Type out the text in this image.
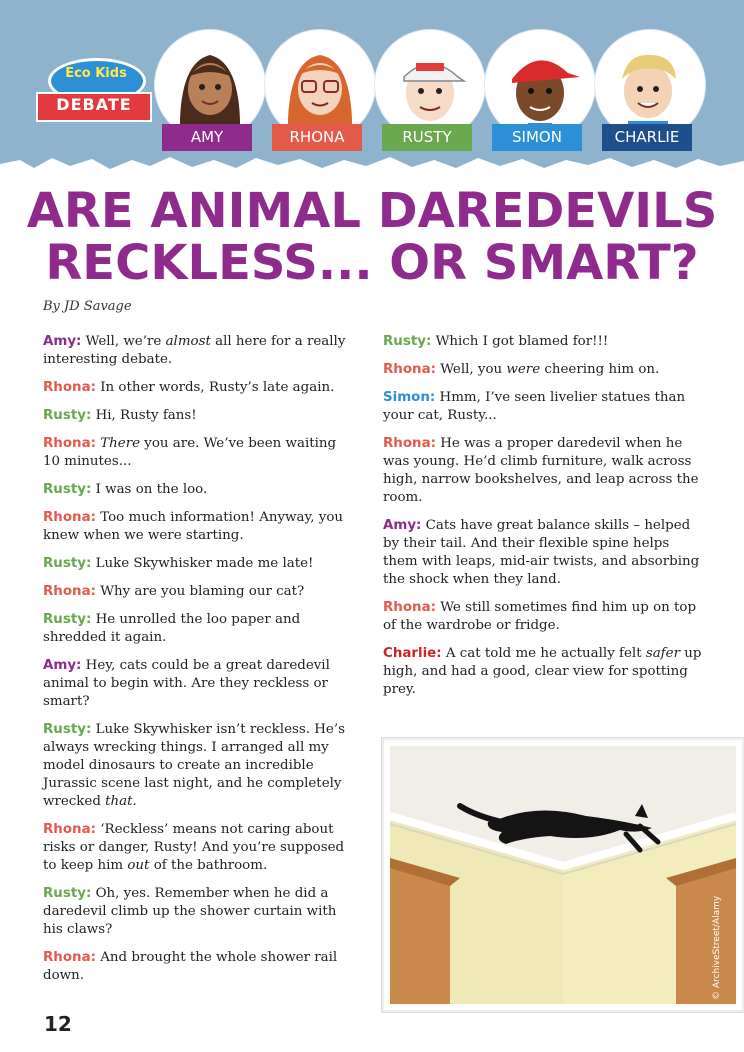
Eco Kids
DEBATE
AMY	RHONA	RUSTY	SIMON	CHARLIE
ARE ANIMAL DAREDEVILS
RECKLESS... OR SMART?
By JD Savage

Amy: Well, we’re almost all here for a really interesting debate.

Rhona: In other words, Rusty’s late again.

Rusty: Hi, Rusty fans!

Rhona: There you are. We’ve been waiting 10 minutes...

Rusty: I was on the loo.

Rhona: Too much information! Anyway, you knew when we were starting.

Rusty: Luke Skywhisker made me late!

Rhona: Why are you blaming our cat?

Rusty: He unrolled the loo paper and shredded it again.

Amy: Hey, cats could be a great daredevil animal to begin with. Are they reckless or smart?

Rusty: Luke Skywhisker isn’t reckless. He’s always wrecking things. I arranged all my model dinosaurs to create an incredible Jurassic scene last night, and he completely wrecked that.

Rhona: ‘Reckless’ means not caring about risks or danger, Rusty! And you’re supposed to keep him out of the bathroom.

Rusty: Oh, yes. Remember when he did a daredevil climb up the shower curtain with his claws?

Rhona: And brought the whole shower rail down.

Rusty: Which I got blamed for!!!

Rhona: Well, you were cheering him on.

Simon: Hmm, I’ve seen livelier statues than your cat, Rusty...

Rhona: He was a proper daredevil when he was young. He’d climb furniture, walk across high, narrow bookshelves, and leap across the room.

Amy: Cats have great balance skills – helped by their tail. And their flexible spine helps them with leaps, mid-air twists, and absorbing the shock when they land.

Rhona: We still sometimes find him up on top of the wardrobe or fridge.

Charlie: A cat told me he actually felt safer up high, and had a good, clear view for spotting prey.

© ArchiveStreet/Alamy
12
